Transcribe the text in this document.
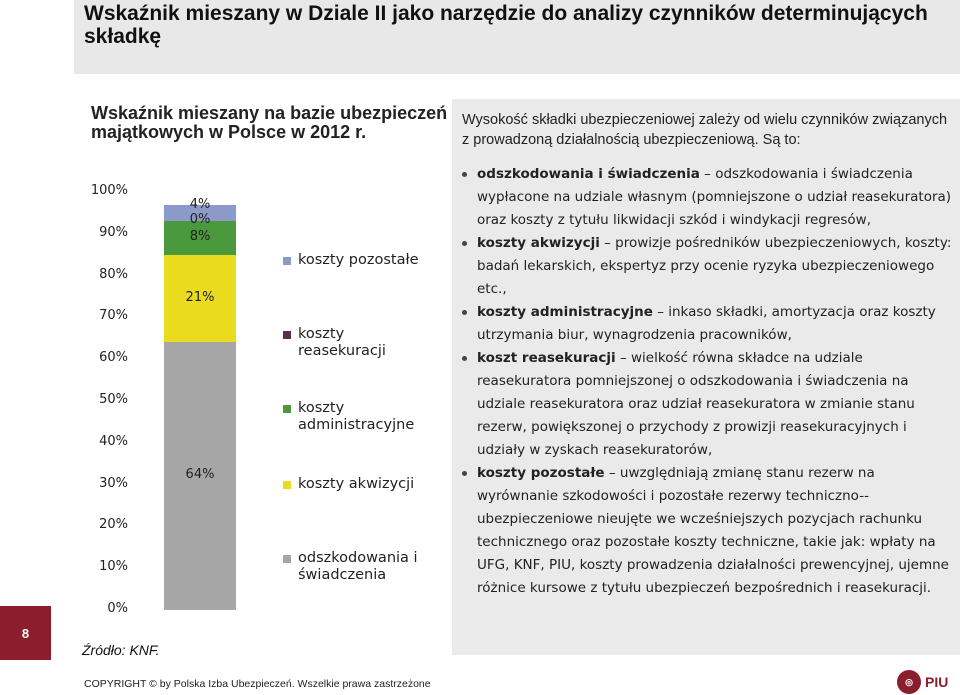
Wskaźnik mieszany w Dziale II jako narzędzie do analizy czynników determinujących składkę
8
Wskaźnik mieszany na bazie ubezpieczeń majątkowych w Polsce w 2012 r.
0%
10%
20%
30%
40%
50%
60%
70%
80%
90%
100%
64%
21%
8%
0%
4%
koszty pozostałe
koszty reasekuracji
koszty administracyjne
koszty akwizycji
odszkodowania i świadczenia
Źródło: KNF.

Wysokość składki ubezpieczeniowej zależy od wielu czynników związanych z prowadzoną działalnością ubezpieczeniową. Są to:

odszkodowania i świadczenia – odszkodowania i świadczenia wypłacone na udziale własnym (pomniejszone o udział reasekuratora) oraz koszty z tytułu likwidacji szkód i windykacji regresów,
koszty akwizycji – prowizje pośredników ubezpieczeniowych, koszty: badań lekarskich, ekspertyz przy ocenie ryzyka ubezpieczeniowego etc.,
koszty administracyjne – inkaso składki, amortyzacja oraz koszty utrzymania biur, wynagrodzenia pracowników,
koszt reasekuracji – wielkość równa składce na udziale reasekuratora pomniejszonej o odszkodowania i świadczenia na udziale reasekuratora oraz udział reasekuratora w zmianie stanu rezerw, powiększonej o przychody z prowizji reasekuracyjnych i udziały w zyskach reasekuratorów,
koszty pozostałe – uwzględniają zmianę stanu rezerw na wyrównanie szkodowości i pozostałe rezerwy techniczno--ubezpieczeniowe nieujęte we wcześniejszych pozycjach rachunku technicznego oraz pozostałe koszty techniczne, takie jak: wpłaty na UFG, KNF, PIU, koszty prowadzenia działalności prewencyjnej, ujemne różnice kursowe z tytułu ubezpieczeń bezpośrednich i reasekuracji.
COPYRIGHT © by Polska Izba Ubezpieczeń. Wszelkie prawa zastrzeżone	◎ PIU
